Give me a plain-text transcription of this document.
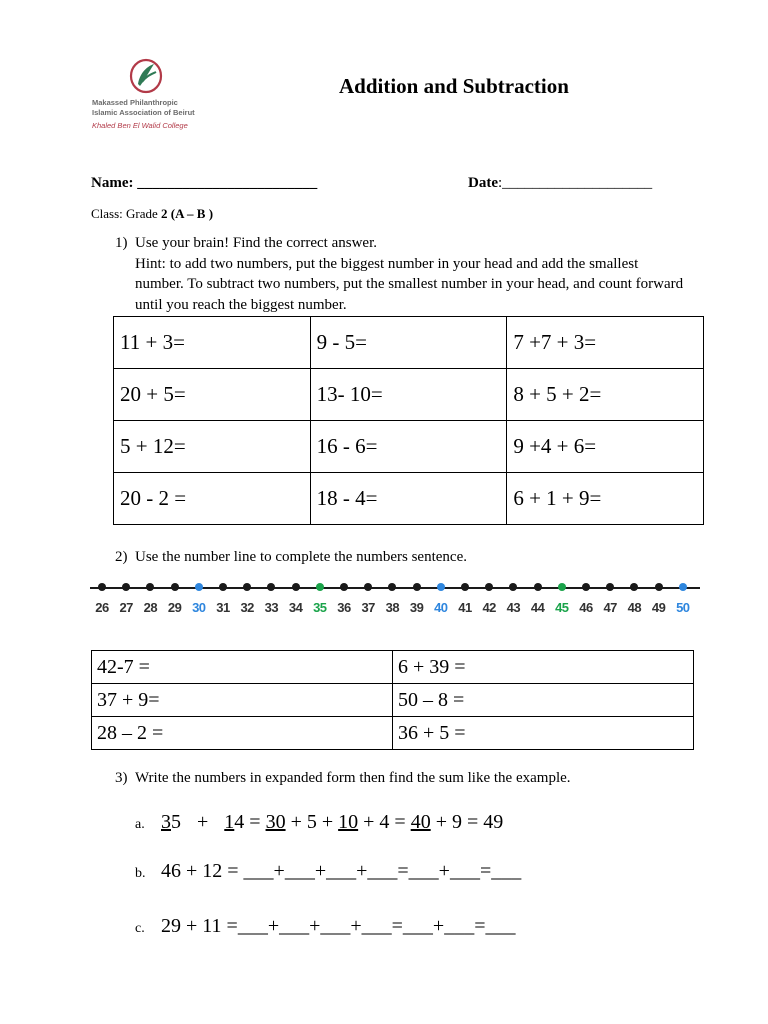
Makassed Philanthropic
Islamic Association of Beirut
Khaled Ben El Walid College
Addition and Subtraction
Name: ________________________	Date:____________________
Class: Grade 2 (A – B )
1) Use your brain! Find the correct answer.
Hint: to add two numbers, put the biggest number in your head and add the smallest number. To subtract two numbers, put the smallest number in your head, and count forward until you reach the biggest number.
11 + 3=	9 - 5=	7 +7 + 3=
20 + 5=	13- 10=	8 + 5 + 2=
5 + 12=	16 - 6=	9 +4 + 6=
20 - 2 =	18 - 4=	6 + 1 + 9=
2) Use the number line to complete the numbers sentence.
26 27 28 29 30 31 32 33 34 35 36 37 38 39 40 41 42 43 44 45 46 47 48 49 50
42-7 =	6 + 39 =
37 + 9=	50 – 8 =
28 – 2 =	36 + 5 =
3) Write the numbers in expanded form then find the sum like the example.
a. 35 + 14 = 30 + 5 + 10 + 4 = 40 + 9 = 49
b. 46 + 12 = ___+___+___+___=___+___=___
c. 29 + 11 =___+___+___+___=___+___=___
